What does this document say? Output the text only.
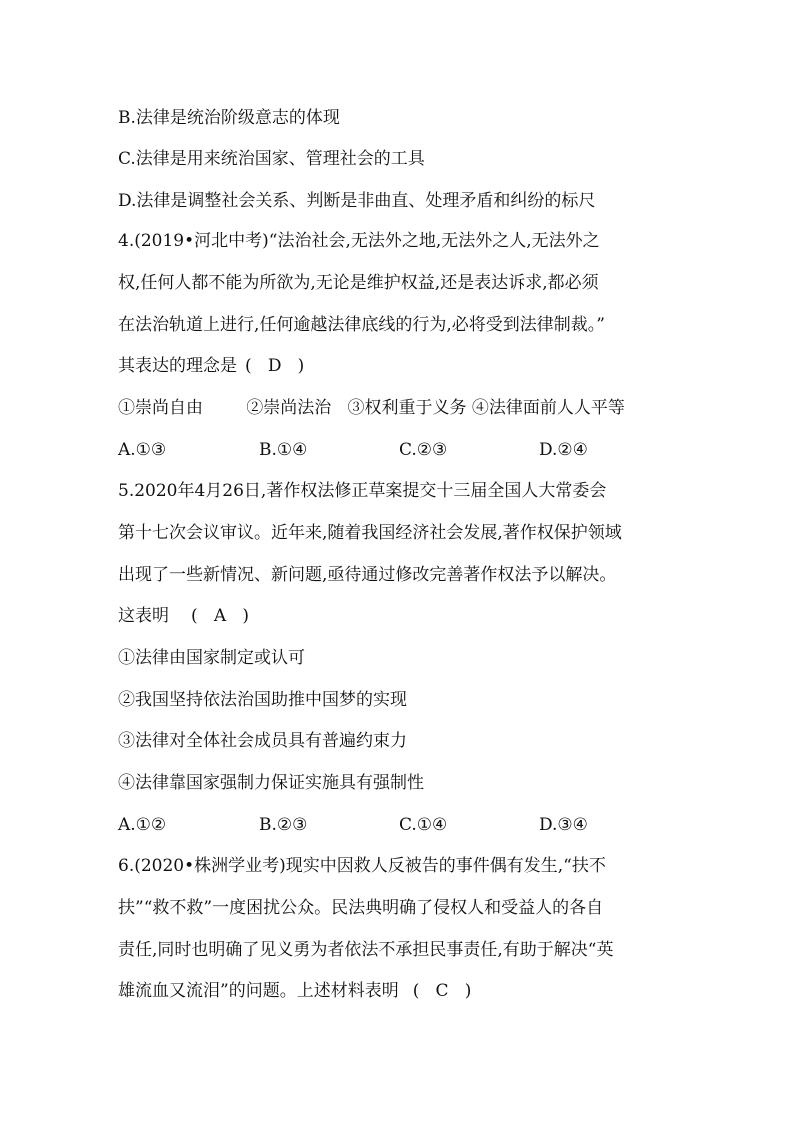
B.法律是统治阶级意志的体现
C.法律是用来统治国家、管理社会的工具
D.法律是调整社会关系、判断是非曲直、处理矛盾和纠纷的标尺
4.(2019•河北中考)“法治社会,无法外之地,无法外之人,无法外之
权,任何人都不能为所欲为,无论是维护权益,还是表达诉求,都必须
在法治轨道上进行,任何逾越法律底线的行为,必将受到法律制裁。”
其表达的理念是 (   D   )
①崇尚自由        ②崇尚法治   ③权利重于义务 ④法律面前人人平等
A.①③	B.①④	C.②③	D.②④
5.2020年4月26日,著作权法修正草案提交十三届全国人大常委会
第十七次会议审议。近年来,随着我国经济社会发展,著作权保护领域
出现了一些新情况、新问题,亟待通过修改完善著作权法予以解决。
这表明 (   A   )
①法律由国家制定或认可
②我国坚持依法治国助推中国梦的实现
③法律对全体社会成员具有普遍约束力
④法律靠国家强制力保证实施具有强制性
A.①②	B.②③	C.①④	D.③④
6.(2020•株洲学业考)现实中因救人反被告的事件偶有发生,“扶不
扶”“救不救”一度困扰公众。民法典明确了侵权人和受益人的各自
责任,同时也明确了见义勇为者依法不承担民事责任,有助于解决“英
雄流血又流泪”的问题。上述材料表明 (   C   )
